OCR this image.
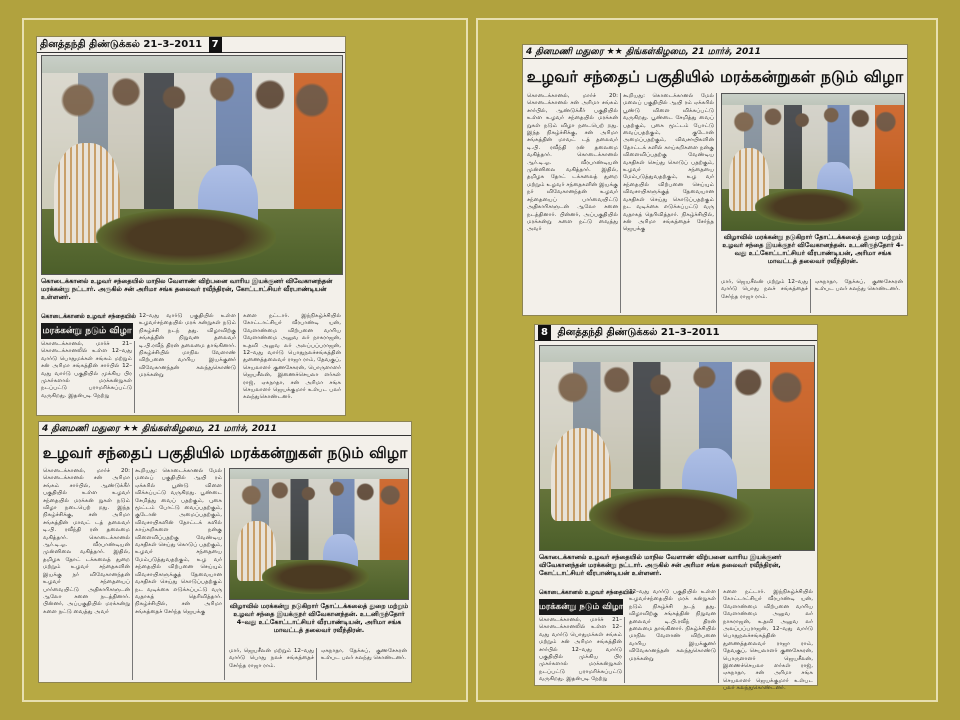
தினத்தந்தி திண்டுக்கல் 21–3–2011 7
கொடைக்கானல் உழவர் சந்தையில் மாநில வேளாண் விற்பனை வாரிய இயக்குனர் விவேகானந்தன் மரக்கன்று நட்டார். அருகில் சன் அரிமா சங்க தலைவர் ரவீந்திரன், கோட்டாட்சியர் வீரபாண்டியன் உள்ளனர்.
கொடைக்கானல் உழவர் சந்தையில்
மரக்கன்று நடும் விழா
கொடைக்கானல், மார்ச் 21– கொடைக்கானலில் உள்ள 12–வது வார்டு பொதுமக்கள் சங்கம் மற்றும் சன் அரிமா சங்கத்தின் சார்பில் 12–வது வார்டு பகுதியில் முக்கிய பிர முகர்களால் மரக்கன்றுகள் நடப்பட்டு பராமரிக்கப்பட்டு வருகிறது. இதன்படி நேற்று
12–வது வார்டு பகுதியில் உள்ள உழவர்சந்தையில் மரக் கன்றுகள் நடும் நிகழ்ச்சி நடந் தது. விழாவிற்கு சங்கத்தின் நிறுவன தலைவர் டி.பி.ரவீந் திரன் தலைமை தாங்கினார். நிகழ்ச்சியில் மாநில வேளாண் விற்பனை வாரிய இயக்குனர் விவேகானந்தன் கலந்துகொண்டு மரக்கன்று
களை நட்டார். இந்நிகழ்ச்சியில் கோட்டாட்சியர் வீரபாண்டி யன், வேளாண்மை விற்பனை வாரிய வேளாண்மை அலுவ லர் நாகராஜன், உதவி அலுவ லர் அலப்பப்பராஜன், 12–வது வார்டு பொதுநலச்சங்கத்தின் துணைத்தலைவர் ராஜா ராம், தேவகுப், செயலாளர் குணசேகரன், பொருளாளர் ஜெயசீலன், இணைச்செயலா ளர்கள் ராஜ், ஏகநாதா, சன் அரிமா சங்க செயலாளர் ஜெயக்குமார் உள்பட பலர் கலந்துகொண்டனர்.
4 தினமணி மதுரை ★★ திங்கள்கிழமை, 21 மார்ச், 2011
உழவர் சந்தைப் பகுதியில் மரக்கன்றுகள் நடும் விழா
கொடைக்கானல், மார்ச் 20: கொடைக்கானல் சன் அரிமா சங்கம் சார்பில், ஆண்டுக்கீர் பகுதியில் உள்ள உழவர் சந்தையில் மரக்கன் றுகள் நடும் விழா நடைபெற் றது. இந்த நிகழ்ச்சிக்கு, சன் அரிமா சங்கத்தின் மாவட் டத் தலைவர் டி.பி. ரவீந்தி ரன் தலைமை வகித்தார். கொடைக்கானல் ஆர்.டி.ஓ. வீரபாண்டியன் முன்னிலை வகித்தார். இதில், தமிழக தோட் டக்கலைத் துறை மற்றும் உழவர் சந்தைகளின் இயக்கு நர் விவேகானந்தன் உழவர் சந்தையைப் பார்வையிட்டு அதிகாரிகளுடன் ஆலோ சனை நடத்தினார். பின்னர், அப்பகுதியில் மரக்கன்று களை நட்டு வைத்து அவர்
கூறியது: கொடைக்கானல் மேல் மலைப் பகுதியில் ஆயி ரம் ஏக்கரில் பூண்டு விளை விக்கப்பட்டு வருகிறது. பூண்டை சேமித்து வைப் பதற்கும், புகை மூட்டம் போட்டு வைப்பதற்கும், குடோன் அமைப்பதற்கும், விவசாயிகளின் தோட்டக் களில் காய்கறிகளை நன்கு விளைவிப்பதற்கு வேண்டிய வசதிகள் செய்து கொடுப் பதற்கும், உழவர் சந்தையை மேம்படுத்துவதற்கும், உழ வர் சந்தையில் விற்பனை செய்யும் விவசாயிகளுக்குத் தேவையான வசதிகள் செய்து கொடுப்பதற்கும் நட வடிக்கை எடுக்கப்பட்டு வரு வதாகத் தெரிவித்தார். நிகழ்ச்சியில், சன் அரிமா சங்கத்தைச் சேர்ந்த ஜெயக்கு
விழாவில் மரக்கன்று நடுகிறார் தோட்டக்கலைத் துறை மற்றும் உழவர் சந்தை இயக்குநர் விவேகானந்தன். உடனிருந்தோர் 4–வது உட்கோட்டாட்சியர் வீரபாண்டியன், அரிமா சங்க மாவட்டத் தலைவர் ரவீந்திரன்.
மார், ஜெயசீலன் மற்றும் 12–வது வார்டு பொது நலச் சங்கத்தைச் சேர்ந்த ராஜா ராம்.
ஏகநாதா, தேக்கப், குணசேகரன் உள்பட பலர் கலந்து கொண்டனர்.
4 தினமணி மதுரை ★★ திங்கள்கிழமை, 21 மார்ச், 2011
உழவர் சந்தைப் பகுதியில் மரக்கன்றுகள் நடும் விழா
கொடைக்கானல், மார்ச் 20: கொடைக்கானல் சன் அரிமா சங்கம் சார்பில், ஆண்டுக்கீர் பகுதியில் உள்ள உழவர் சந்தையில் மரக்கன் றுகள் நடும் விழா நடைபெற் றது. இந்த நிகழ்ச்சிக்கு, சன் அரிமா சங்கத்தின் மாவட் டத் தலைவர் டி.பி. ரவீந்தி ரன் தலைமை வகித்தார். கொடைக்கானல் ஆர்.டி.ஓ. வீரபாண்டியன் முன்னிலை வகித்தார். இதில், தமிழக தோட் டக்கலைத் துறை மற்றும் உழவர் சந்தைகளின் இயக்கு நர் விவேகானந்தன் உழவர் சந்தையைப் பார்வையிட்டு அதிகாரிகளுடன் ஆலோ சனை நடத்தினார். பின்னர், அப்பகுதியில் மரக்கன்று களை நட்டு வைத்து அவர்
கூறியது: கொடைக்கானல் மேல் மலைப் பகுதியில் ஆயி ரம் ஏக்கரில் பூண்டு விளை விக்கப்பட்டு வருகிறது. பூண்டை சேமித்து வைப் பதற்கும், புகை மூட்டம் போட்டு வைப்பதற்கும், குடோன் அமைப்பதற்கும், விவசாயிகளின் தோட்டக் களில் காய்கறிகளை நன்கு விளைவிப்பதற்கு வேண்டிய வசதிகள் செய்து கொடுப் பதற்கும், உழவர் சந்தையை மேம்படுத்துவதற்கும், உழ வர் சந்தையில் விற்பனை செய்யும் விவசாயிகளுக்குத் தேவையான வசதிகள் செய்து கொடுப்பதற்கும் நட வடிக்கை எடுக்கப்பட்டு வரு வதாகத் தெரிவித்தார். நிகழ்ச்சியில், சன் அரிமா சங்கத்தைச் சேர்ந்த ஜெயக்கு
விழாவில் மரக்கன்று நடுகிறார் தோட்டக்கலைத் துறை மற்றும் உழவர் சந்தை இயக்குநர் விவேகானந்தன். உடனிருந்தோர் 4–வது உட்கோட்டாட்சியர் வீரபாண்டியன், அரிமா சங்க மாவட்டத் தலைவர் ரவீந்திரன்.
மார், ஜெயசீலன் மற்றும் 12–வது வார்டு பொது நலச் சங்கத்தைச் சேர்ந்த ராஜா ராம்.
ஏகநாதா, தேக்கப், குணசேகரன் உள்பட பலர் கலந்து கொண்டனர்.
8 தினத்தந்தி திண்டுக்கல் 21–3–2011
கொடைக்கானல் உழவர் சந்தையில் மாநில வேளாண் விற்பனை வாரிய இயக்குனர் விவேகானந்தன் மரக்கன்று நட்டார். அருகில் சன் அரிமா சங்க தலைவர் ரவீந்திரன், கோட்டாட்சியர் வீரபாண்டியன் உள்ளனர்.
கொடைக்கானல் உழவர் சந்தையில்
மரக்கன்று நடும் விழா
கொடைக்கானல், மார்ச் 21– கொடைக்கானலில் உள்ள 12–வது வார்டு பொதுமக்கள் சங்கம் மற்றும் சன் அரிமா சங்கத்தின் சார்பில் 12–வது வார்டு பகுதியில் முக்கிய பிர முகர்களால் மரக்கன்றுகள் நடப்பட்டு பராமரிக்கப்பட்டு வருகிறது. இதன்படி நேற்று
12–வது வார்டு பகுதியில் உள்ள உழவர்சந்தையில் மரக் கன்றுகள் நடும் நிகழ்ச்சி நடந் தது. விழாவிற்கு சங்கத்தின் நிறுவன தலைவர் டி.பி.ரவீந் திரன் தலைமை தாங்கினார். நிகழ்ச்சியில் மாநில வேளாண் விற்பனை வாரிய இயக்குனர் விவேகானந்தன் கலந்துகொண்டு மரக்கன்று
களை நட்டார். இந்நிகழ்ச்சியில் கோட்டாட்சியர் வீரபாண்டி யன், வேளாண்மை விற்பனை வாரிய வேளாண்மை அலுவ லர் நாகராஜன், உதவி அலுவ லர் அலப்பப்பராஜன், 12–வது வார்டு பொதுநலச்சங்கத்தின் துணைத்தலைவர் ராஜா ராம், தேவகுப், செயலாளர் குணசேகரன், பொருளாளர் ஜெயசீலன், இணைச்செயலா ளர்கள் ராஜ், ஏகநாதா, சன் அரிமா சங்க செயலாளர் ஜெயக்குமார் உள்பட பலர் கலந்துகொண்டனர்.
